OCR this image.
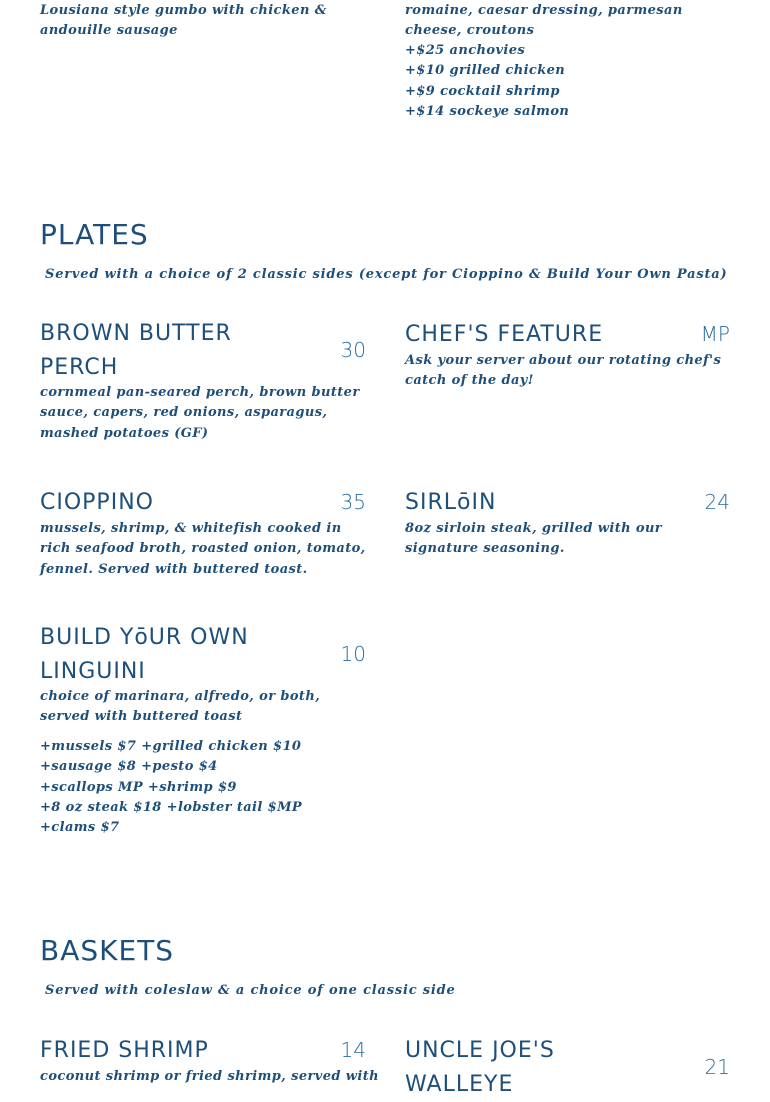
Lousiana style gumbo with chicken & andouille sausage
romaine, caesar dressing, parmesan cheese, croutons
+$25 anchovies
+$10 grilled chicken
+$9 cocktail shrimp
+$14 sockeye salmon
PLATES
Served with a choice of 2 classic sides (except for Cioppino & Build Your Own Pasta)
BROWN BUTTER
PERCH
30
cornmeal pan-seared perch, brown butter sauce, capers, red onions, asparagus, mashed potatoes (GF)
CHEF'S FEATURE	MP
Ask your server about our rotating chef's catch of the day!
CIOPPINO	35
mussels, shrimp, & whitefish cooked in rich seafood broth, roasted onion, tomato, fennel. Served with buttered toast.
SIRLōIN	24
8oz sirloin steak, grilled with our signature seasoning.
BUILD YōUR OWN
LINGUINI
10
choice of marinara, alfredo, or both, served with buttered toast
+mussels $7 +grilled chicken $10
+sausage $8 +pesto $4
+scallops MP +shrimp $9
+8 oz steak $18 +lobster tail $MP
+clams $7
BASKETS
Served with coleslaw & a choice of one classic side
FRIED SHRIMP	14
coconut shrimp or fried shrimp, served with
UNCLE JOE'S
WALLEYE
21
